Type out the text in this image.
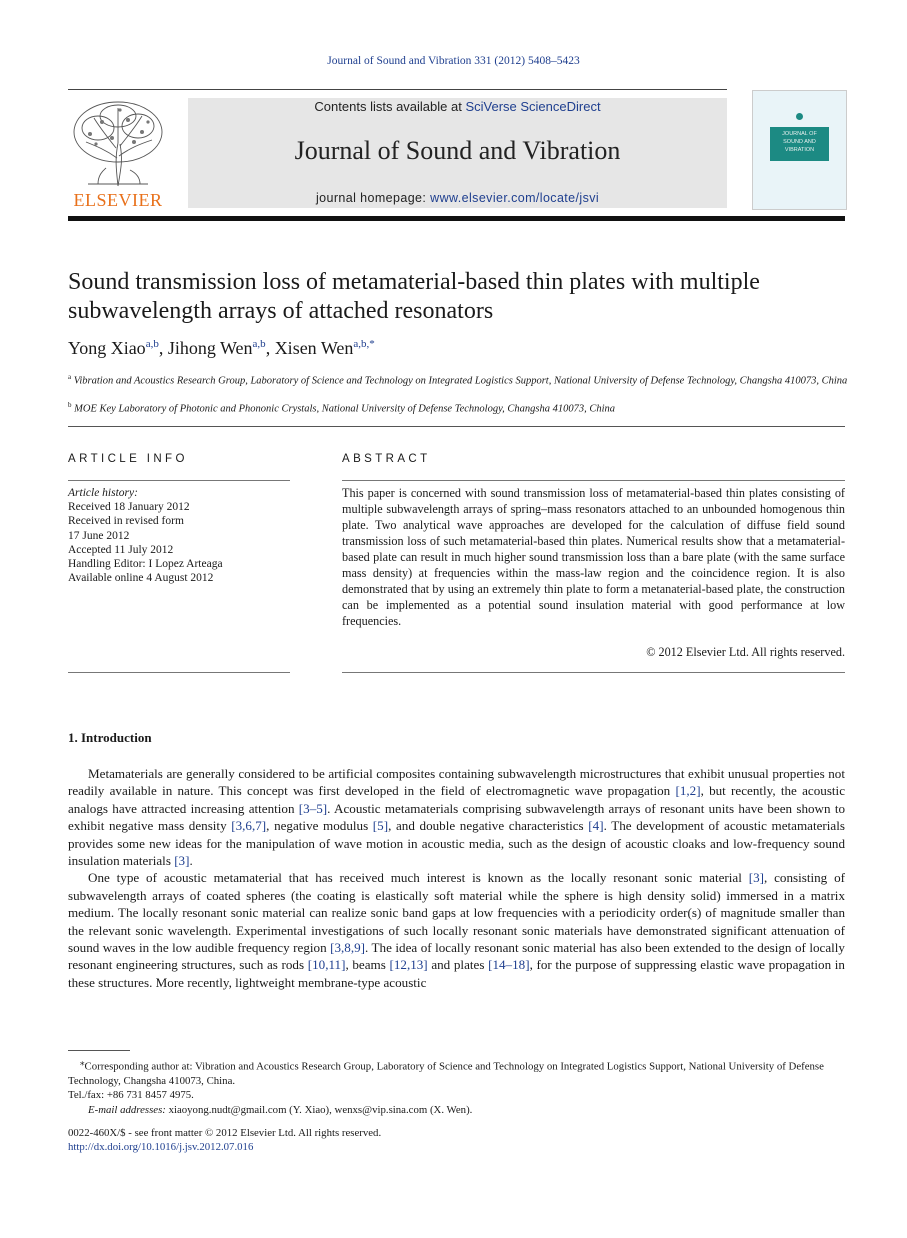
Journal of Sound and Vibration 331 (2012) 5408–5423
ELSEVIER
Contents lists available at SciVerse ScienceDirect
Journal of Sound and Vibration
journal homepage: www.elsevier.com/locate/jsvi
JOURNAL OF
SOUND AND
VIBRATION
Sound transmission loss of metamaterial-based thin plates with multiple subwavelength arrays of attached resonators
Yong Xiao$^{a,b}$, Jihong Wen$^{a,b}$, Xisen Wen$^{a,b,*}$
$^a$ Vibration and Acoustics Research Group, Laboratory of Science and Technology on Integrated Logistics Support, National University of Defense Technology, Changsha 410073, China
$^b$ MOE Key Laboratory of Photonic and Phononic Crystals, National University of Defense Technology, Changsha 410073, China
ARTICLE INFO
Article history:
Received 18 January 2012
Received in revised form
17 June 2012
Accepted 11 July 2012
Handling Editor: I Lopez Arteaga
Available online 4 August 2012
ABSTRACT
This paper is concerned with sound transmission loss of metamaterial-based thin plates consisting of multiple subwavelength arrays of spring–mass resonators attached to an unbounded homogenous thin plate. Two analytical wave approaches are developed for the calculation of diffuse field sound transmission loss of such metamaterial-based thin plates. Numerical results show that a metamaterial-based plate can result in much higher sound transmission loss than a bare plate (with the same surface mass density) at frequencies within the mass-law region and the coincidence region. It is also demonstrated that by using an extremely thin plate to form a metanaterial-based plate, the construction can be implemented as a potential sound insulation material with good performance at low frequencies.
© 2012 Elsevier Ltd. All rights reserved.
1. Introduction

Metamaterials are generally considered to be artificial composites containing subwavelength microstructures that exhibit unusual properties not readily available in nature. This concept was first developed in the field of electromagnetic wave propagation [1,2], but recently, the acoustic analogs have attracted increasing attention [3–5]. Acoustic metamaterials comprising subwavelength arrays of resonant units have been shown to exhibit negative mass density [3,6,7], negative modulus [5], and double negative characteristics [4]. The development of acoustic metamaterials provides some new ideas for the manipulation of wave motion in acoustic media, such as the design of acoustic cloaks and low-frequency sound insulation materials [3].

One type of acoustic metamaterial that has received much interest is known as the locally resonant sonic material [3], consisting of subwavelength arrays of coated spheres (the coating is elastically soft material while the sphere is high density solid) immersed in a matrix medium. The locally resonant sonic material can realize sonic band gaps at low frequencies with a periodicity order(s) of magnitude smaller than the relevant sonic wavelength. Experimental investigations of such locally resonant sonic materials have demonstrated significant attenuation of sound waves in the low audible frequency region [3,8,9]. The idea of locally resonant sonic material has also been extended to the design of locally resonant engineering structures, such as rods [10,11], beams [12,13] and plates [14–18], for the purpose of suppressing elastic wave propagation in these structures. More recently, lightweight membrane-type acoustic

⁎Corresponding author at: Vibration and Acoustics Research Group, Laboratory of Science and Technology on Integrated Logistics Support, National University of Defense Technology, Changsha 410073, China.

Tel./fax: +86 731 8457 4975.

E-mail addresses: xiaoyong.nudt@gmail.com (Y. Xiao), wenxs@vip.sina.com (X. Wen).

0022-460X/$ - see front matter © 2012 Elsevier Ltd. All rights reserved.
http://dx.doi.org/10.1016/j.jsv.2012.07.016
